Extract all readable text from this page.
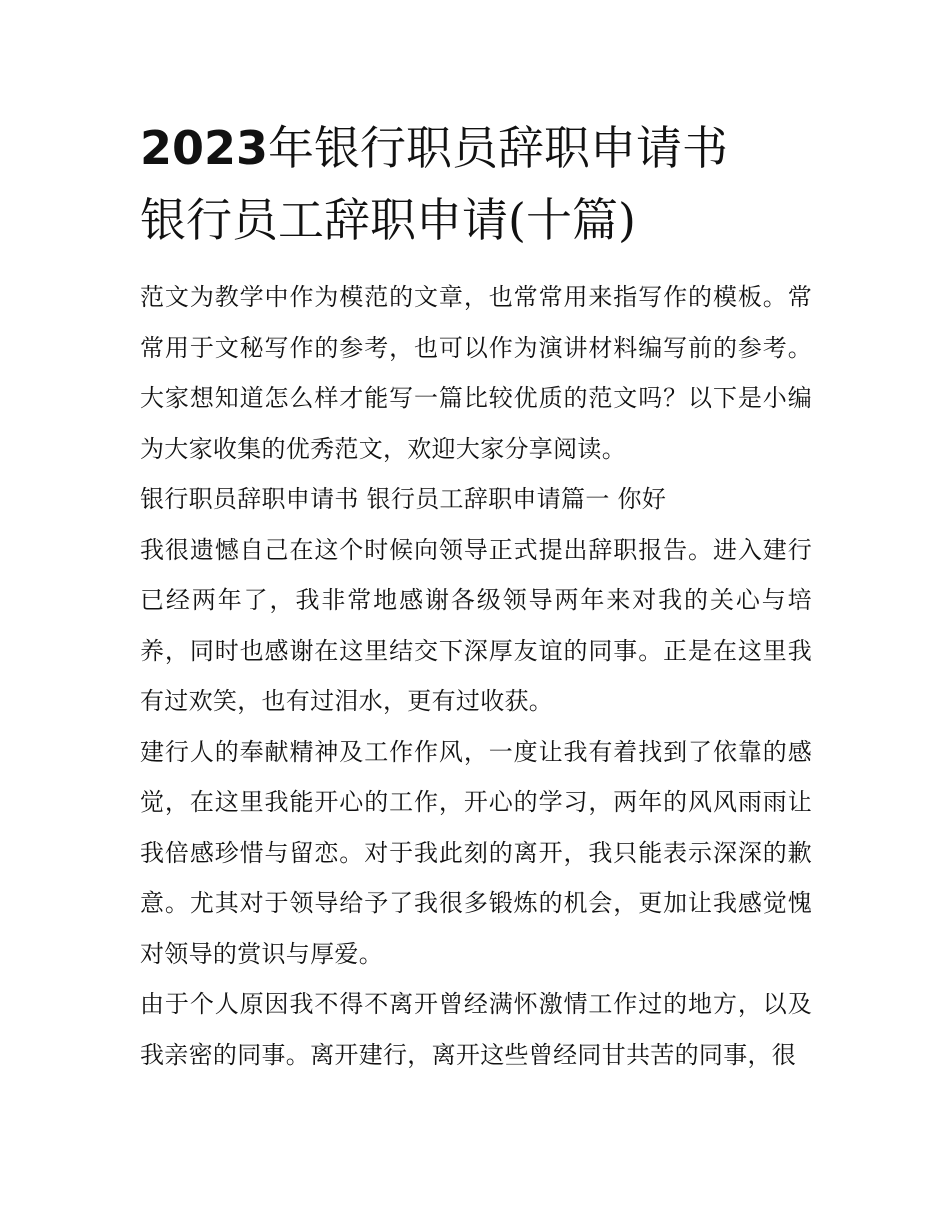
2023年银行职员辞职申请书
银行员工辞职申请(十篇)

范文为教学中作为模范的文章，也常常用来指写作的模板。常常用于文秘写作的参考，也可以作为演讲材料编写前的参考。大家想知道怎么样才能写一篇比较优质的范文吗？以下是小编为大家收集的优秀范文，欢迎大家分享阅读。

银行职员辞职申请书 银行员工辞职申请篇一 你好

我很遗憾自己在这个时候向领导正式提出辞职报告。进入建行已经两年了，我非常地感谢各级领导两年来对我的关心与培养，同时也感谢在这里结交下深厚友谊的同事。正是在这里我有过欢笑，也有过泪水，更有过收获。

建行人的奉献精神及工作作风，一度让我有着找到了依靠的感觉，在这里我能开心的工作，开心的学习，两年的风风雨雨让我倍感珍惜与留恋。对于我此刻的离开，我只能表示深深的歉意。尤其对于领导给予了我很多锻炼的机会，更加让我感觉愧对领导的赏识与厚爱。

由于个人原因我不得不离开曾经满怀激情工作过的地方，以及我亲密的同事。离开建行，离开这些曾经同甘共苦的同事，很
